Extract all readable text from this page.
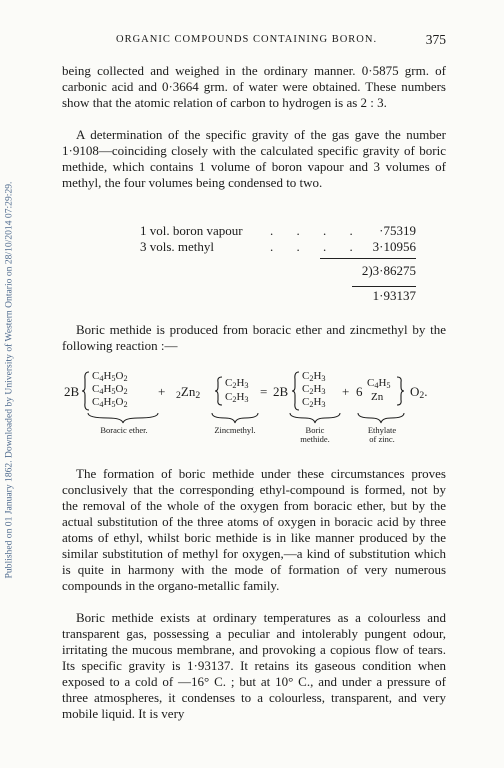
Published on 01 January 1862. Downloaded by University of Western Ontario on 28/10/2014 07:29:29.
ORGANIC COMPOUNDS CONTAINING BORON.	375

being collected and weighed in the ordinary manner. 0·5875 grm. of carbonic acid and 0·3664 grm. of water were obtained. These numbers show that the atomic relation of carbon to hydrogen is as 2 : 3.

A determination of the specific gravity of the gas gave the number 1·9108—coinciding closely with the calculated specific gravity of boric methide, which contains 1 volume of boron vapour and 3 volumes of methyl, the four volumes being condensed to two.

1 vol. boron vapour . . . . ·75319
3 vols. methyl	. . . . 3·10956
2)3·86275
1·93137

Boric methide is produced from boracic ether and zincmethyl by the following reaction :—

2B
$C_4H_5O_2$
$C_4H_5O_2$
$C_4H_5O_2$
+ $_2Zn_2$
$C_2H_3$
$C_2H_3$
= 2B
$C_2H_3$
$C_2H_3$
$C_2H_3$
+ 6
$C_4H_5$
Zn $O_2$.
Boracic ether.	Zincmethyl.	Boric
methide.
Ethylate
of zinc.

The formation of boric methide under these circumstances proves conclusively that the corresponding ethyl-compound is formed, not by the removal of the whole of the oxygen from boracic ether, but by the actual substitution of the three atoms of oxygen in boracic acid by three atoms of ethyl, whilst boric methide is in like manner produced by the similar substitution of methyl for oxygen,—a kind of substitution which is quite in harmony with the mode of formation of very numerous compounds in the organo-metallic family.

Boric methide exists at ordinary temperatures as a colourless and transparent gas, possessing a peculiar and intolerably pungent odour, irritating the mucous membrane, and provoking a copious flow of tears. Its specific gravity is 1·93137. It retains its gaseous condition when exposed to a cold of —16° C. ; but at 10° C., and under a pressure of three atmospheres, it condenses to a colourless, transparent, and very mobile liquid. It is very
